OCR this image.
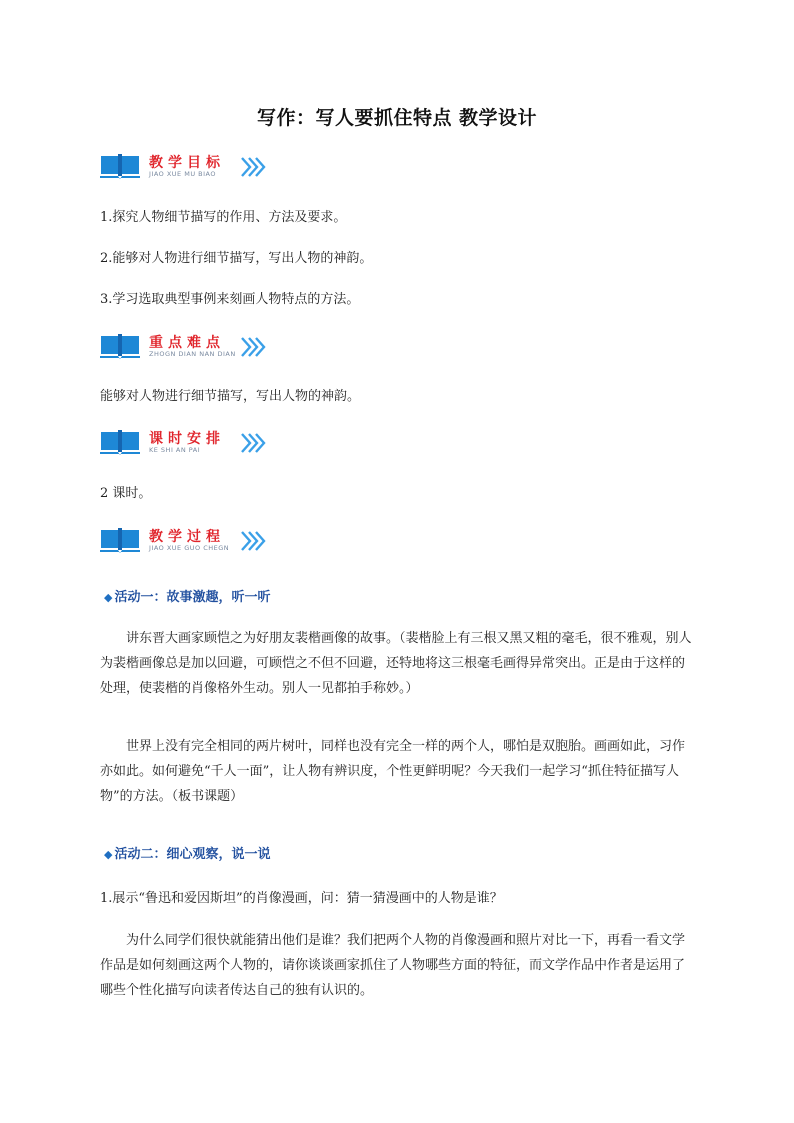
写作：写人要抓住特点 教学设计
教学目标
JIAO XUE MU BIAO
1.探究人物细节描写的作用、方法及要求。
2.能够对人物进行细节描写，写出人物的神韵。
3.学习选取典型事例来刻画人物特点的方法。
重点难点
ZHOGN DIAN NAN DIAN
能够对人物进行细节描写，写出人物的神韵。
课时安排
KE SHI AN PAI
2 课时。
教学过程
JIAO XUE GUO CHEGN
◆ 活动一：故事激趣，听一听
讲东晋大画家顾恺之为好朋友裴楷画像的故事。（裴楷脸上有三根又黑又粗的毫毛，很不雅观，别人为裴楷画像总是加以回避，可顾恺之不但不回避，还特地将这三根毫毛画得异常突出。正是由于这样的处理，使裴楷的肖像格外生动。别人一见都拍手称妙。）
世界上没有完全相同的两片树叶，同样也没有完全一样的两个人，哪怕是双胞胎。画画如此，习作亦如此。如何避免“千人一面”，让人物有辨识度，个性更鲜明呢？今天我们一起学习“抓住特征描写人物”的方法。（板书课题）
◆ 活动二：细心观察，说一说
1.展示“鲁迅和爱因斯坦”的肖像漫画，问：猜一猜漫画中的人物是谁？
为什么同学们很快就能猜出他们是谁？我们把两个人物的肖像漫画和照片对比一下，再看一看文学作品是如何刻画这两个人物的，请你谈谈画家抓住了人物哪些方面的特征，而文学作品中作者是运用了哪些个性化描写向读者传达自己的独有认识的。
